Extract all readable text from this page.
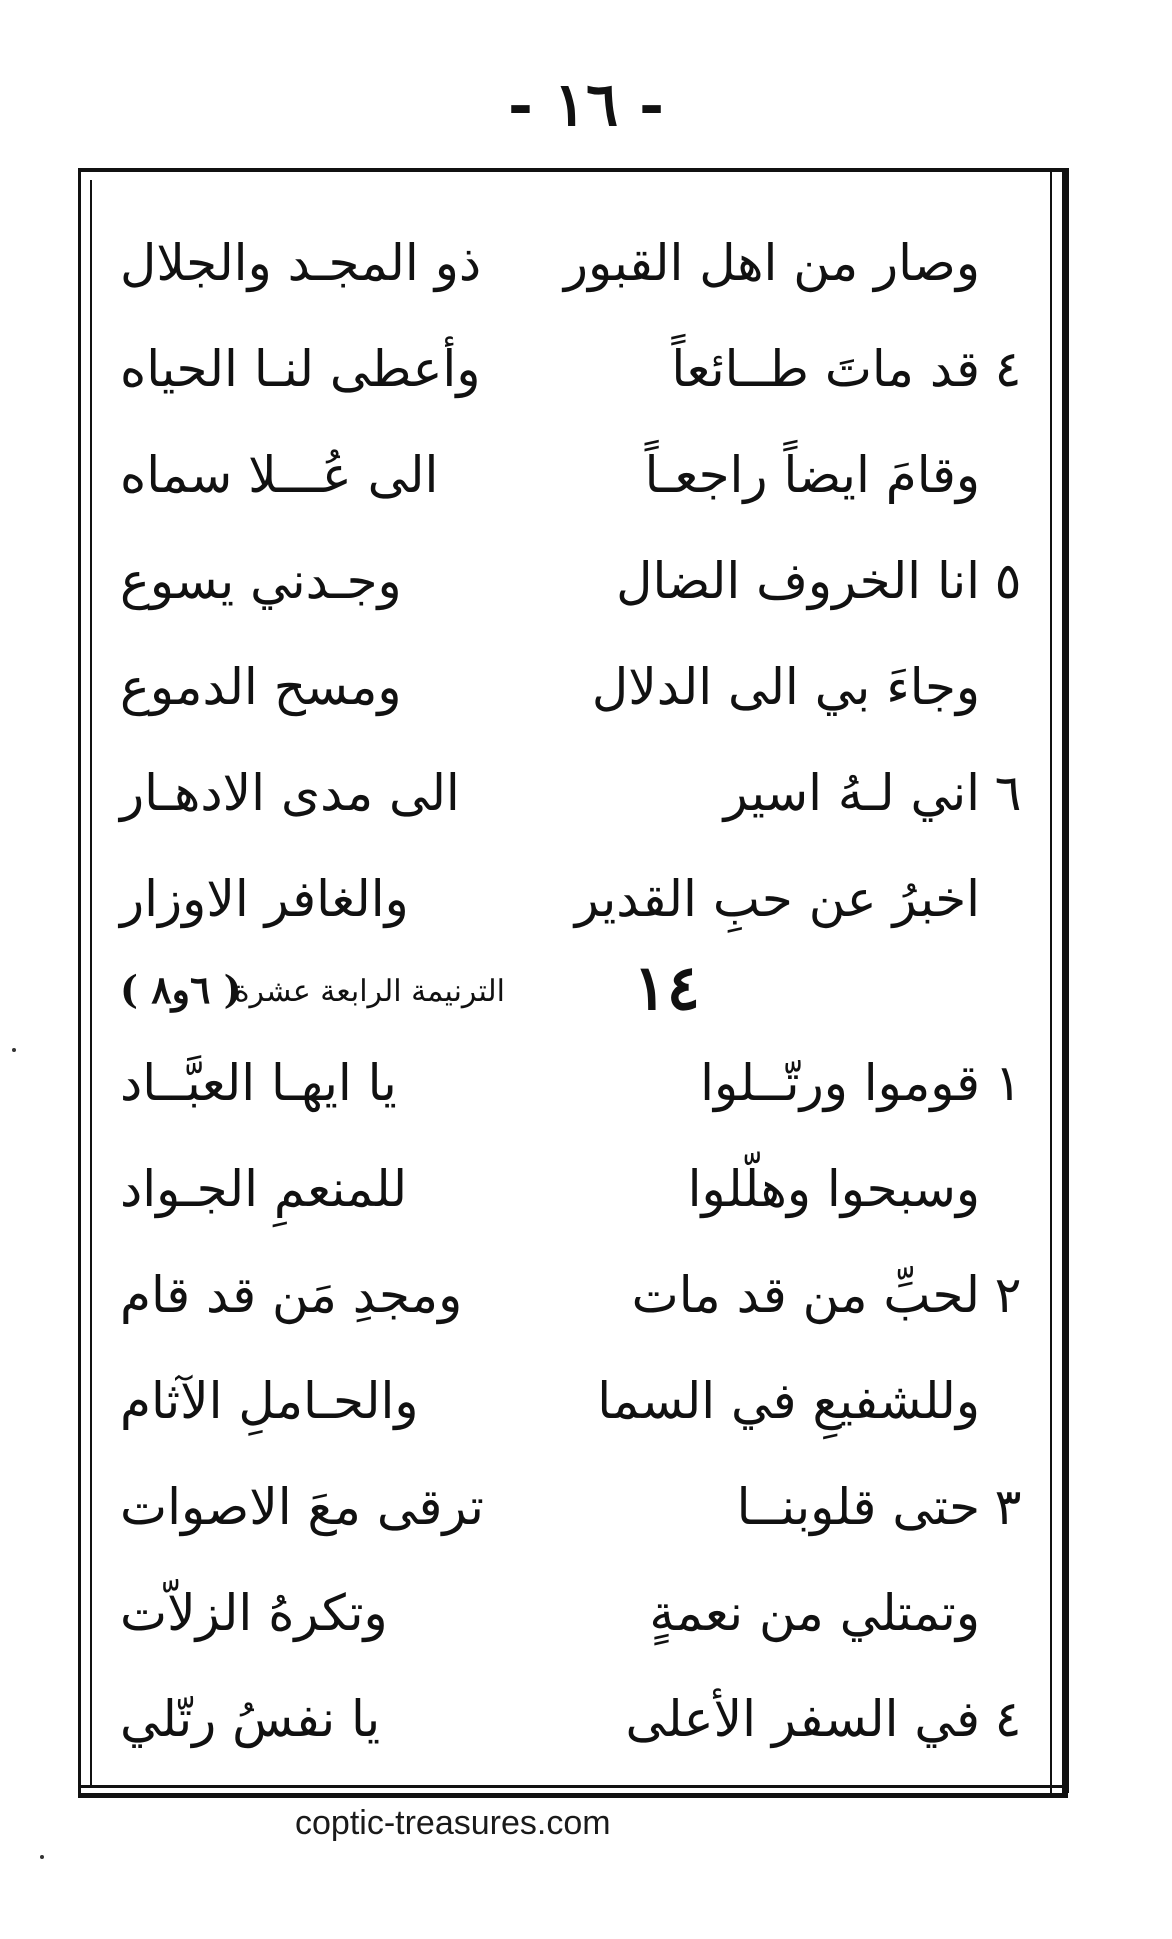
- ١٦ -
وصار من اهل القبور
ذو المجـد والجلال
٤
قد ماتَ طــائعاً
وأعطى لنـا الحياه
وقامَ ايضاً راجعـاً
الى عُـــلا سماه
٥
انا الخروف الضال
وجـدني يسوع
وجاءَ بي الى الدلال
ومسح الدموع
٦
اني لـهُ اسير
الى مدى الادهـار
اخبرُ عن حبِ القدير
والغافر الاوزار
١٤
الترنيمة الرابعة عشرة
( ٦و٨ )
١
قوموا ورتّــلوا
يا ايهـا العبَّــاد
وسبحوا وهلّلوا
للمنعمِ الجـواد
٢
لحبِّ من قد مات
ومجدِ مَن قد قام
وللشفيعِ في السما
والحـاملِ الآثام
٣
حتى قلوبنــا
ترقى معَ الاصوات
وتمتلي من نعمةٍ
وتكرهُ الزلاّت
٤
في السفر الأعلى
يا نفسُ رتّلي
coptic-treasures.com
